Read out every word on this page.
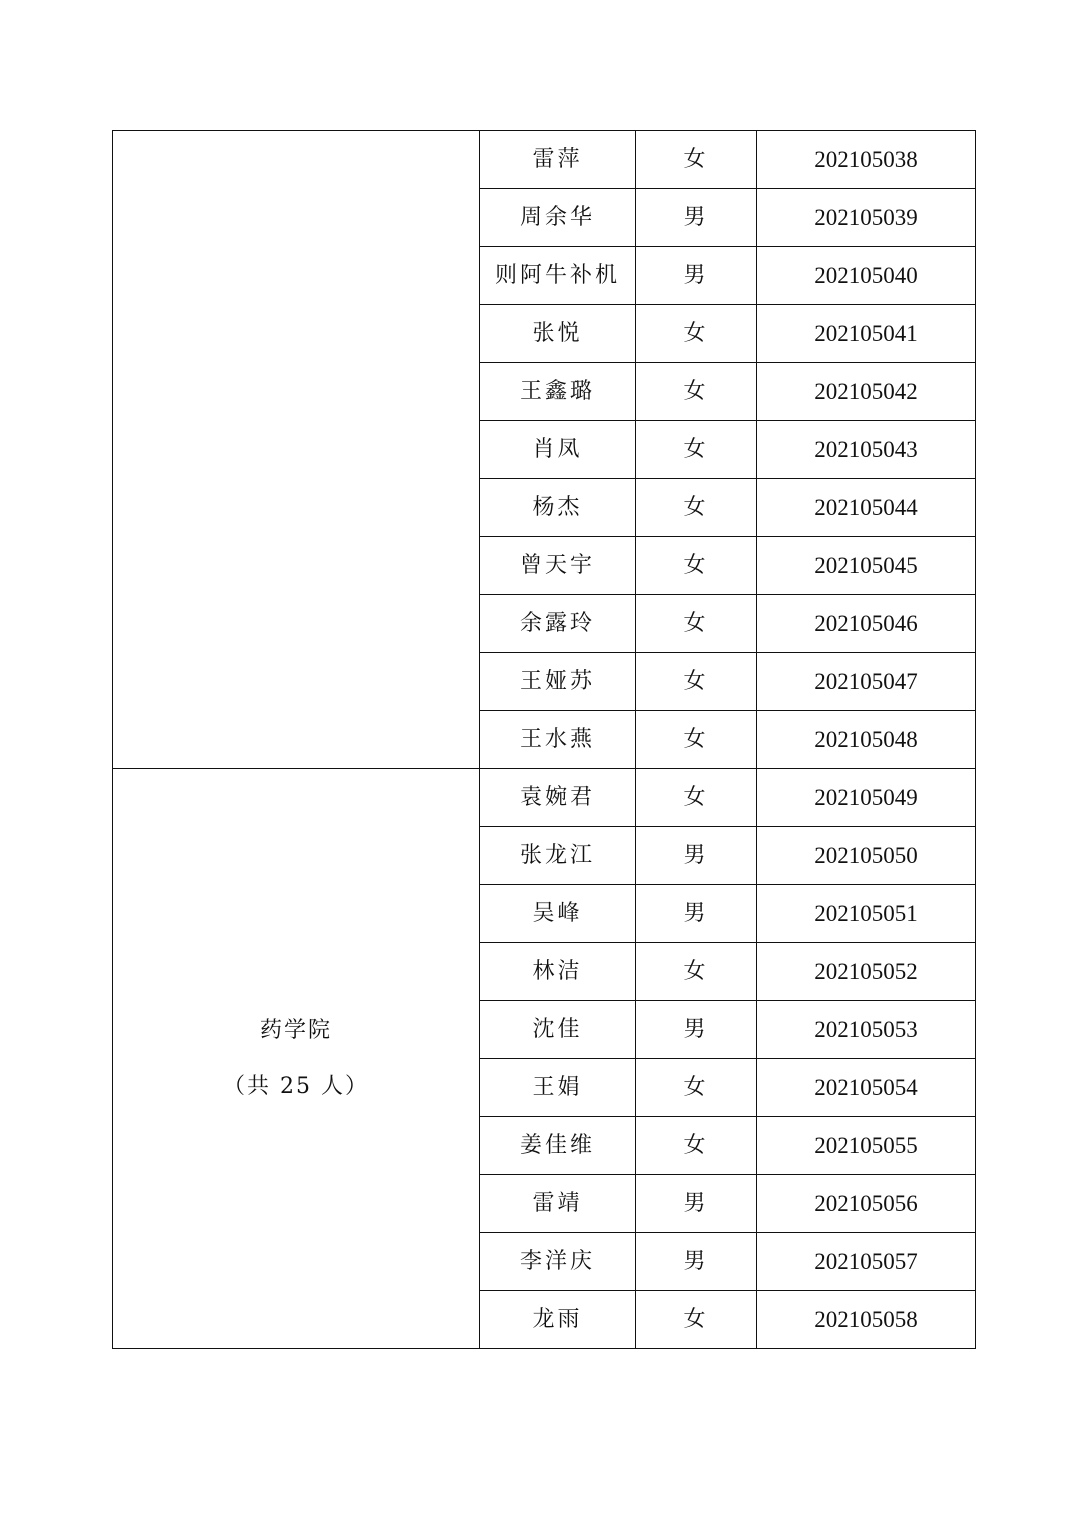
	雷萍	女	202105038
	周余华	男	202105039
	则阿牛补机	男	202105040
	张悦	女	202105041
	王鑫璐	女	202105042
	肖凤	女	202105043
	杨杰	女	202105044
	曾天宇	女	202105045
	余露玲	女	202105046
	王娅苏	女	202105047
	王水燕	女	202105048

药学院
（共 25 人）	袁婉君	女	202105049
	张龙江	男	202105050
	吴峰	男	202105051
	林洁	女	202105052
	沈佳	男	202105053
	王娟	女	202105054
	姜佳维	女	202105055
	雷靖	男	202105056
	李洋庆	男	202105057
	龙雨	女	202105058
